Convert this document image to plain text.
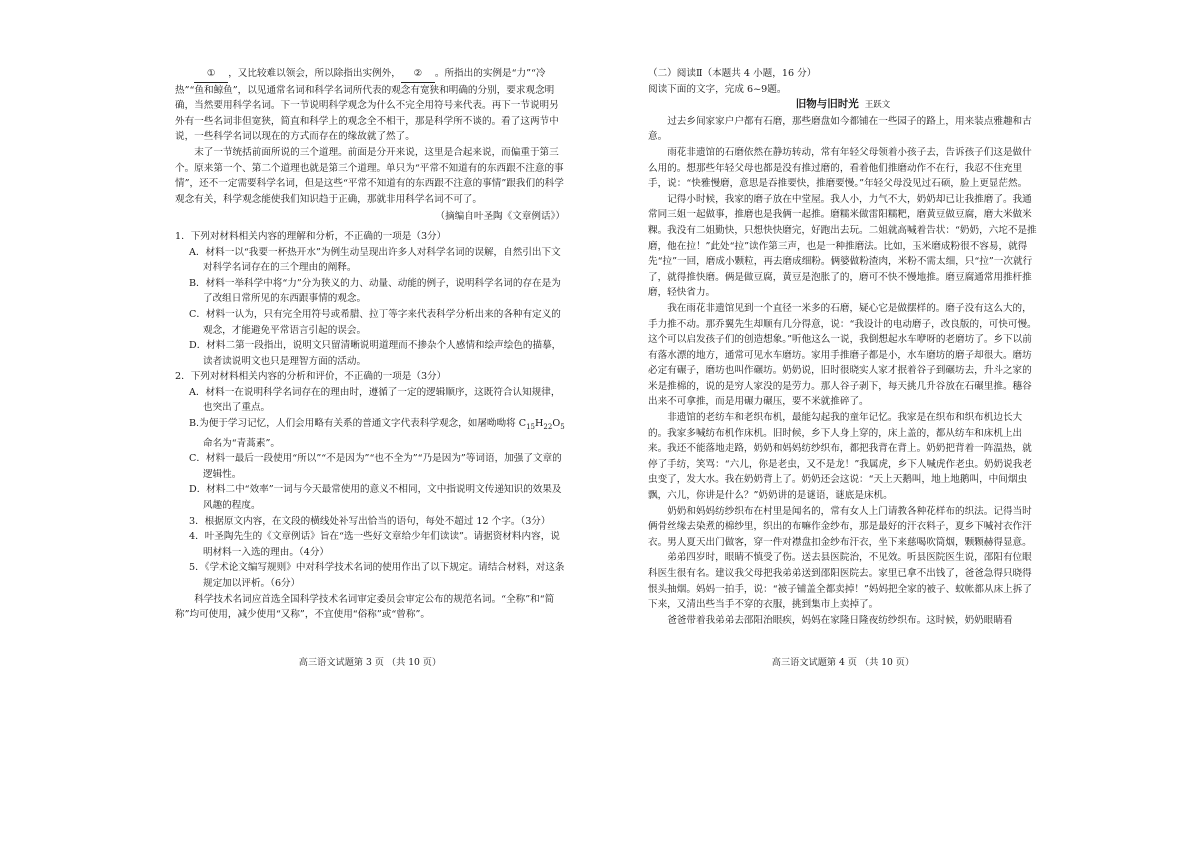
① ，又比较难以领会，所以除指出实例外， ② 。所指出的实例是“力”“冷热”“鱼和鲸鱼”，以见通常名词和科学名词所代表的观念有宽狭和明确的分别，要求观念明确，当然要用科学名词。下一节说明科学观念为什么不完全用符号来代表。再下一节说明另外有一些名词非但宽狭，简直和科学上的观念全不相干，那是科学所不谈的。看了这两节中说，一些科学名词以现在的方式而存在的缘故就了然了。

末了一节统括前面所说的三个道理。前面是分开来说，这里是合起来说，而偏重于第三个。原来第一个、第二个道理也就是第三个道理。单只为“平常不知道有的东西跟不注意的事情”，还不一定需要科学名词，但是这些“平常不知道有的东西跟不注意的事情”跟我们的科学观念有关，科学观念能使我们知识趋于正确，那就非用科学名词不可了。

（摘编自叶圣陶《文章例话》）

1．下列对材料相关内容的理解和分析，不正确的一项是（3分）

A．材料一以“我要一杯热开水”为例生动呈现出许多人对科学名词的误解，自然引出下文对科学名词存在的三个理由的阐释。

B．材料一举科学中将“力”分为狭义的力、动量、动能的例子，说明科学名词的存在是为了改组日常所见的东西跟事情的观念。

C．材料一认为，只有完全用符号或希腊、拉丁等字来代表科学分析出来的各种有定义的观念，才能避免平常语言引起的误会。

D．材料二第一段指出，说明文只留清晰说明道理而不掺杂个人感情和绘声绘色的描摹，读者读说明文也只是理智方面的活动。

2．下列对材料相关内容的分析和评价，不正确的一项是（3分）

A．材料一在说明科学名词存在的理由时，遵循了一定的逻辑顺序，这既符合认知规律，也突出了重点。

B.为便于学习记忆，人们会用略有关系的普通文字代表科学观念，如屠呦呦将 $C_{15}H_{22}O_5$
命名为“青蒿素”。

C．材料一最后一段使用“所以”“不是因为”“也不全为”“乃是因为”等词语，加强了文章的逻辑性。

D．材料二中“效率”一词与今天最常使用的意义不相同，文中指说明文传递知识的效果及风趣的程度。

3．根据原文内容，在文段的横线处补写出恰当的语句，每处不超过 12 个字。（3分）

4．叶圣陶先生的《文章例话》旨在“选一些好文章给少年们读读”。请据资材料内容，说明材料一入选的理由。（4分）

5．《学术论文编写规则》中对科学技术名词的使用作出了以下规定。请结合材料，对这条规定加以评析。（6分）

科学技术名词应首选全国科学技术名词审定委员会审定公布的规范名词。“全称”和“简称”均可使用，减少使用“又称”，不宜使用“俗称”或“曾称”。

高三语文试题第 3 页 （共 10 页）

（二）阅读Ⅱ（本题共 4 小题，16 分）

阅读下面的文字，完成 6~9题。

旧物与旧时光 王跃文

过去乡间家家户户都有石磨，那些磨盘如今都铺在一些园子的路上，用来装点雅趣和古意。

雨花非遗馆的石磨依然在静坊转动，常有年轻父母领着小孩子去，告诉孩子们这是做什么用的。想那些年轻父母也都是没有推过磨的，看着他们推磨动作不在行，我忍不住充里手，说：“快雅慢磨，意思是吞推要快，推磨要慢。”年轻父母没见过石硕，脸上更显茫然。

记得小时候，我家的磨子放在中堂屋。我人小，力气不大，奶奶却已让我推磨了。我通常同三姐一起做事，推磨也是我俩一起推。磨糯米做雷阳糯粑，磨黄豆做豆腐，磨大米做米粿。我没有二姐勤快，只想快快磨完，好跑出去玩。二姐就高喊着告状：“奶奶，六坨不是推磨，他在拉！”此处“拉”读作第三声，也是一种推磨法。比如，玉米磨成粉很不容易，就得先“拉”一回，磨成小颗粒，再去磨成细粉。俩婆做粉渣肉，米粉不需太细，只“拉”一次就行了，就得推快磨。俩是做豆腐，黄豆是泡胀了的，磨可不快不慢地推。磨豆腐通常用推杆推磨，轻快省力。

我在雨花非遗馆见到一个直径一米多的石磨，疑心它是做摆样的。磨子没有这么大的，手力推不动。那乔翼先生却顺有几分得意，说：“我设计的电动磨子，改良版的，可快可慢。这个可以启发孩子们的创造想象。”听他这么一说，我倒想起水车咿呀的老磨坊了。乡下以前有落水漂的地方，通常可见水车磨坊。家用手推磨子都是小，水车磨坊的磨子却很大。磨坊必定有碾子，磨坊也叫作碾坊。奶奶说，旧时很晓实人家才抿着谷子到碾坊去，升斗之家的米是推棉的，说的是穷人家没的是劳力。那人谷子剥下，每天挑几升谷放在石碾里推。穗谷出来不可拿推，而是用碾力碾压，要不米就推碎了。

非遗馆的老纺车和老织布机，最能勾起我的童年记忆。我家是在织布和织布机边长大的。我家多喊纺布机作床机。旧时候，乡下人身上穿的，床上盖的，都从纺车和床机上出来。我还不能落地走路，奶奶和妈妈纺纱织布，都把我背在背上。奶奶把背着一阵温热，就停了手纺，笑骂：“六儿，你是老虫，又不是龙！”我属虎，乡下人喊虎作老虫。奶奶说我老虫变了，发大水。我在奶奶背上了。奶奶还会这说：“天上天鹅叫，地上地鹅叫，中间烟虫飘，六儿，你讲是什么？”奶奶讲的是谜语，谜底是床机。

奶奶和妈妈纺纱织布在村里是闻名的，常有女人上门请教各种花样布的织法。记得当时俩骨丝缘去染煮的棉纱里，织出的布嘛作金纱布，那是最好的汗衣料子，夏乡下喊衬衣作汗衣。男人夏天出门做客，穿一件对襟盘扣金纱布汗衣，坐下来慈喝吹筒烟，颗颗赫得显意。

弟弟四岁时，眼睛不慎受了伤。送去县医院治，不见效。听县医院医生说，邵阳有位眼科医生很有名。建议我父母把我弟弟送到邵阳医院去。家里已拿不出钱了，爸爸急得只晓得恨头抽烟。妈妈一拍手，说：“被子铺盖全都卖掉！”妈妈把全家的被子、蚊帐都从床上拆了下来，又清出些当手不穿的衣服，挑到集市上卖掉了。

爸爸带着我弟弟去邵阳治眼疾，妈妈在家隆日隆夜纺纱织布。这时候，奶奶眼睛看

高三语文试题第 4 页 （共 10 页）
